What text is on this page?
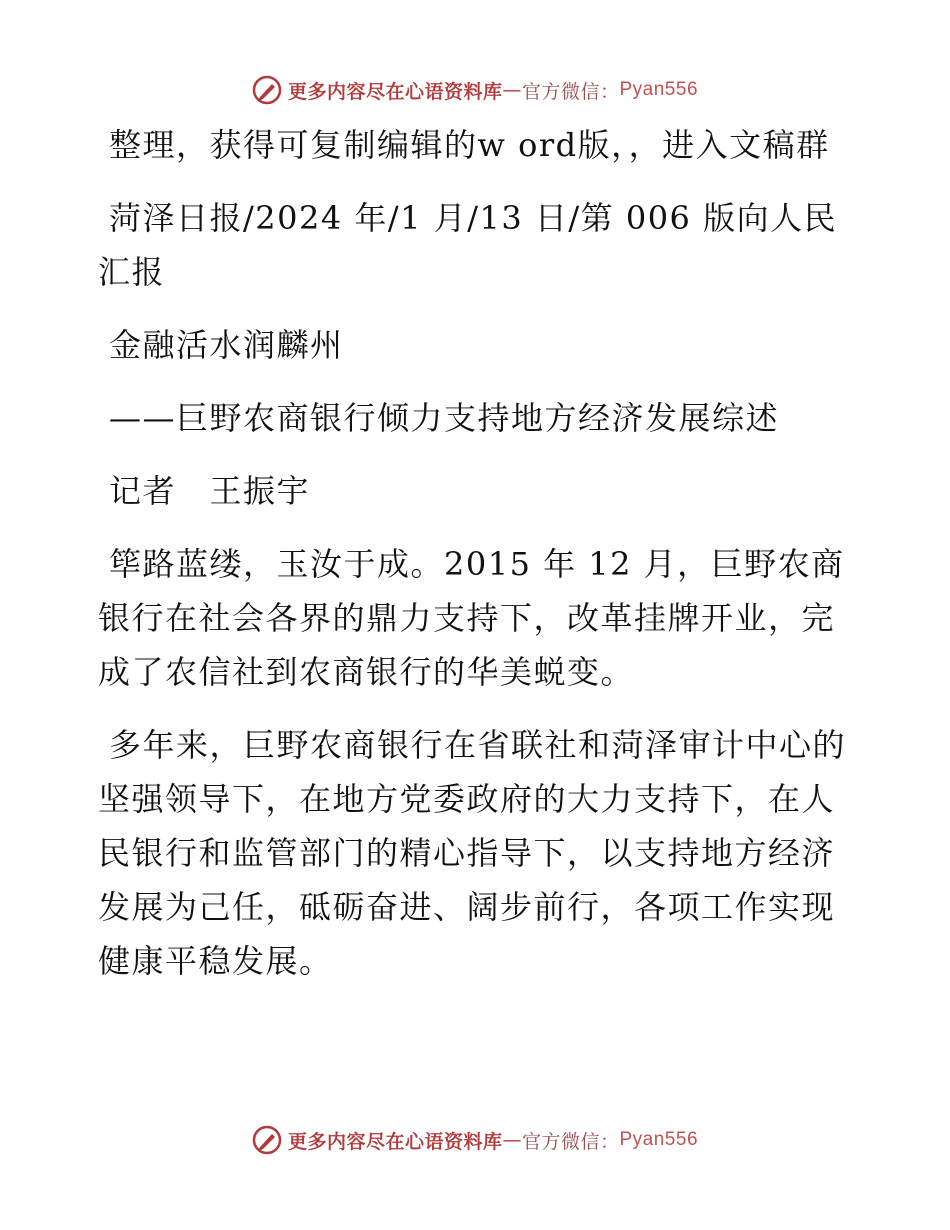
更多内容尽在心语资料库 — 官方微信： Pyan556

整理，获得可复制编辑的w ord版，，进入文稿群

菏泽日报/2024 年/1 月/13 日/第 006 版向人民汇报

金融活水润麟州

——巨野农商银行倾力支持地方经济发展综述

记者　王振宇

筚路蓝缕，玉汝于成。2015 年 12 月，巨野农商银行在社会各界的鼎力支持下，改革挂牌开业，完成了农信社到农商银行的华美蜕变。

多年来，巨野农商银行在省联社和菏泽审计中心的坚强领导下，在地方党委政府的大力支持下，在人民银行和监管部门的精心指导下，以支持地方经济发展为己任，砥砺奋进、阔步前行，各项工作实现健康平稳发展。

更多内容尽在心语资料库 — 官方微信： Pyan556
